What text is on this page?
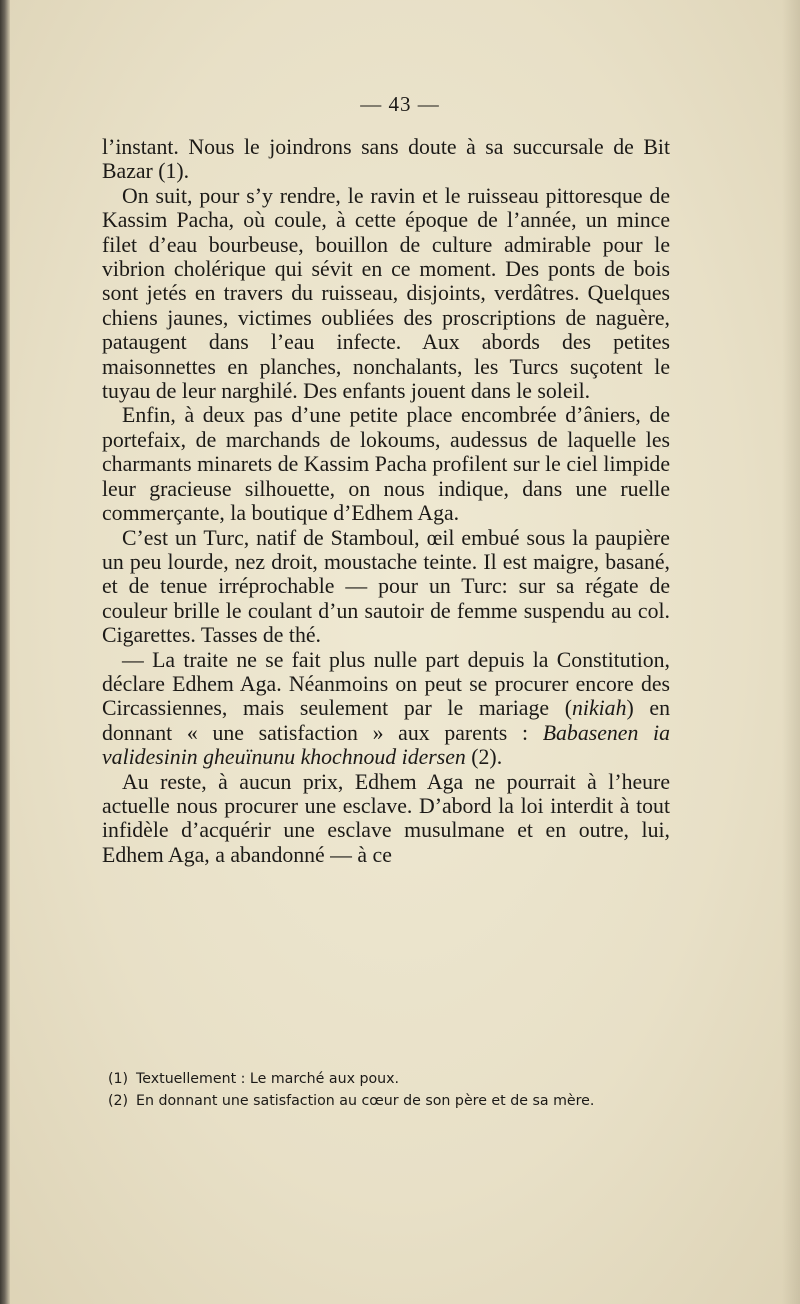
— 43 —

l’instant. Nous le joindrons sans doute à sa succursale de Bit Bazar (1).

On suit, pour s’y rendre, le ravin et le ruisseau pittoresque de Kassim Pacha, où coule, à cette époque de l’année, un mince filet d’eau bourbeuse, bouillon de culture admirable pour le vibrion cholérique qui sévit en ce moment. Des ponts de bois sont jetés en travers du ruisseau, disjoints, verdâtres. Quelques chiens jaunes, victimes oubliées des proscriptions de naguère, pataugent dans l’eau infecte. Aux abords des petites maisonnettes en planches, nonchalants, les Turcs suçotent le tuyau de leur narghilé. Des enfants jouent dans le soleil.

Enfin, à deux pas d’une petite place encombrée d’âniers, de portefaix, de marchands de lokoums, audessus de laquelle les charmants minarets de Kassim Pacha profilent sur le ciel limpide leur gracieuse silhouette, on nous indique, dans une ruelle commerçante, la boutique d’Edhem Aga.

C’est un Turc, natif de Stamboul, œil embué sous la paupière un peu lourde, nez droit, moustache teinte. Il est maigre, basané, et de tenue irréprochable — pour un Turc: sur sa régate de couleur brille le coulant d’un sautoir de femme suspendu au col. Cigarettes. Tasses de thé.

— La traite ne se fait plus nulle part depuis la Constitution, déclare Edhem Aga. Néanmoins on peut se procurer encore des Circassiennes, mais seulement par le mariage (nikiah) en donnant « une satisfaction » aux parents : Babasenen ia validesinin gheuïnunu khochnoud idersen (2).

Au reste, à aucun prix, Edhem Aga ne pourrait à l’heure actuelle nous procurer une esclave. D’abord la loi interdit à tout infidèle d’acquérir une esclave musulmane et en outre, lui, Edhem Aga, a abandonné — à ce

(1) Textuellement : Le marché aux poux.
(2) En donnant une satisfaction au cœur de son père et de sa mère.
